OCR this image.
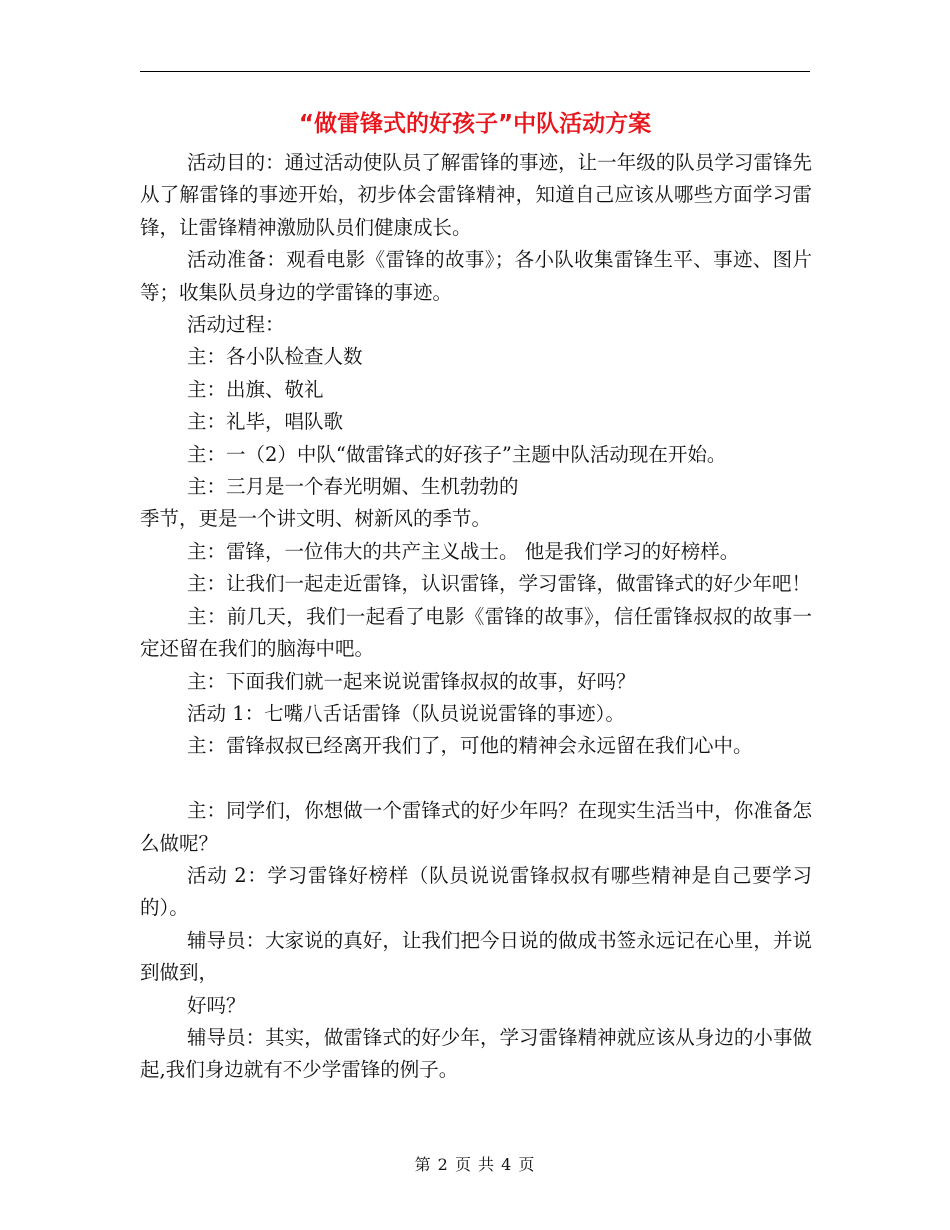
“做雷锋式的好孩子”中队活动方案

活动目的：通过活动使队员了解雷锋的事迹，让一年级的队员学习雷锋先从了解雷锋的事迹开始，初步体会雷锋精神，知道自己应该从哪些方面学习雷锋，让雷锋精神激励队员们健康成长。

活动准备：观看电影《雷锋的故事》；各小队收集雷锋生平、事迹、图片等；收集队员身边的学雷锋的事迹。

活动过程：

主：各小队检查人数

主：出旗、敬礼

主：礼毕，唱队歌

主：一（2）中队“做雷锋式的好孩子”主题中队活动现在开始。

主：三月是一个春光明媚、生机勃勃的

季节，更是一个讲文明、树新风的季节。

主：雷锋，一位伟大的共产主义战士。 他是我们学习的好榜样。

主：让我们一起走近雷锋，认识雷锋，学习雷锋，做雷锋式的好少年吧！

主：前几天，我们一起看了电影《雷锋的故事》，信任雷锋叔叔的故事一定还留在我们的脑海中吧。

主：下面我们就一起来说说雷锋叔叔的故事，好吗？

活动 1：七嘴八舌话雷锋（队员说说雷锋的事迹）。

主：雷锋叔叔已经离开我们了，可他的精神会永远留在我们心中。

主：同学们，你想做一个雷锋式的好少年吗？在现实生活当中，你准备怎么做呢？

活动 2：学习雷锋好榜样（队员说说雷锋叔叔有哪些精神是自己要学习的）。

辅导员：大家说的真好，让我们把今日说的做成书签永远记在心里，并说到做到，

好吗？

辅导员：其实，做雷锋式的好少年，学习雷锋精神就应该从身边的小事做起,我们身边就有不少学雷锋的例子。

第 2 页 共 4 页
